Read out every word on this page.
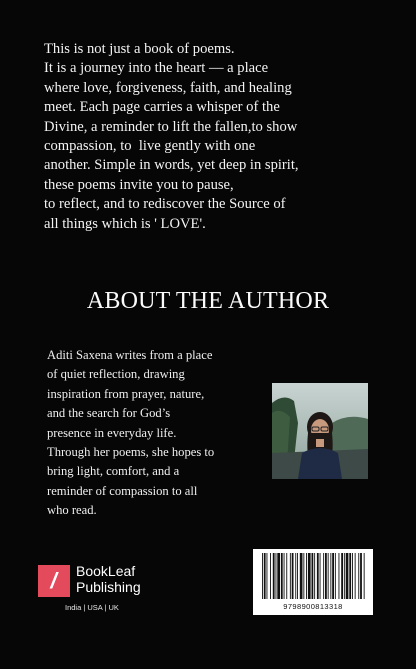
This is not just a book of poems.
It is a journey into the heart — a place
where love, forgiveness, faith, and healing
meet. Each page carries a whisper of the
Divine, a reminder to lift the fallen,to show
compassion, to  live gently with one
another. Simple in words, yet deep in spirit,
these poems invite you to pause,
to reflect, and to rediscover the Source of
all things which is ' LOVE'.
ABOUT THE AUTHOR
Aditi Saxena writes from a place
of quiet reflection, drawing
inspiration from prayer, nature,
and the search for God’s
presence in everyday life.
Through her poems, she hopes to
bring light, comfort, and a
reminder of compassion to all
who read.
/ BookLeaf
Publishing
India | USA | UK	9798900813318
